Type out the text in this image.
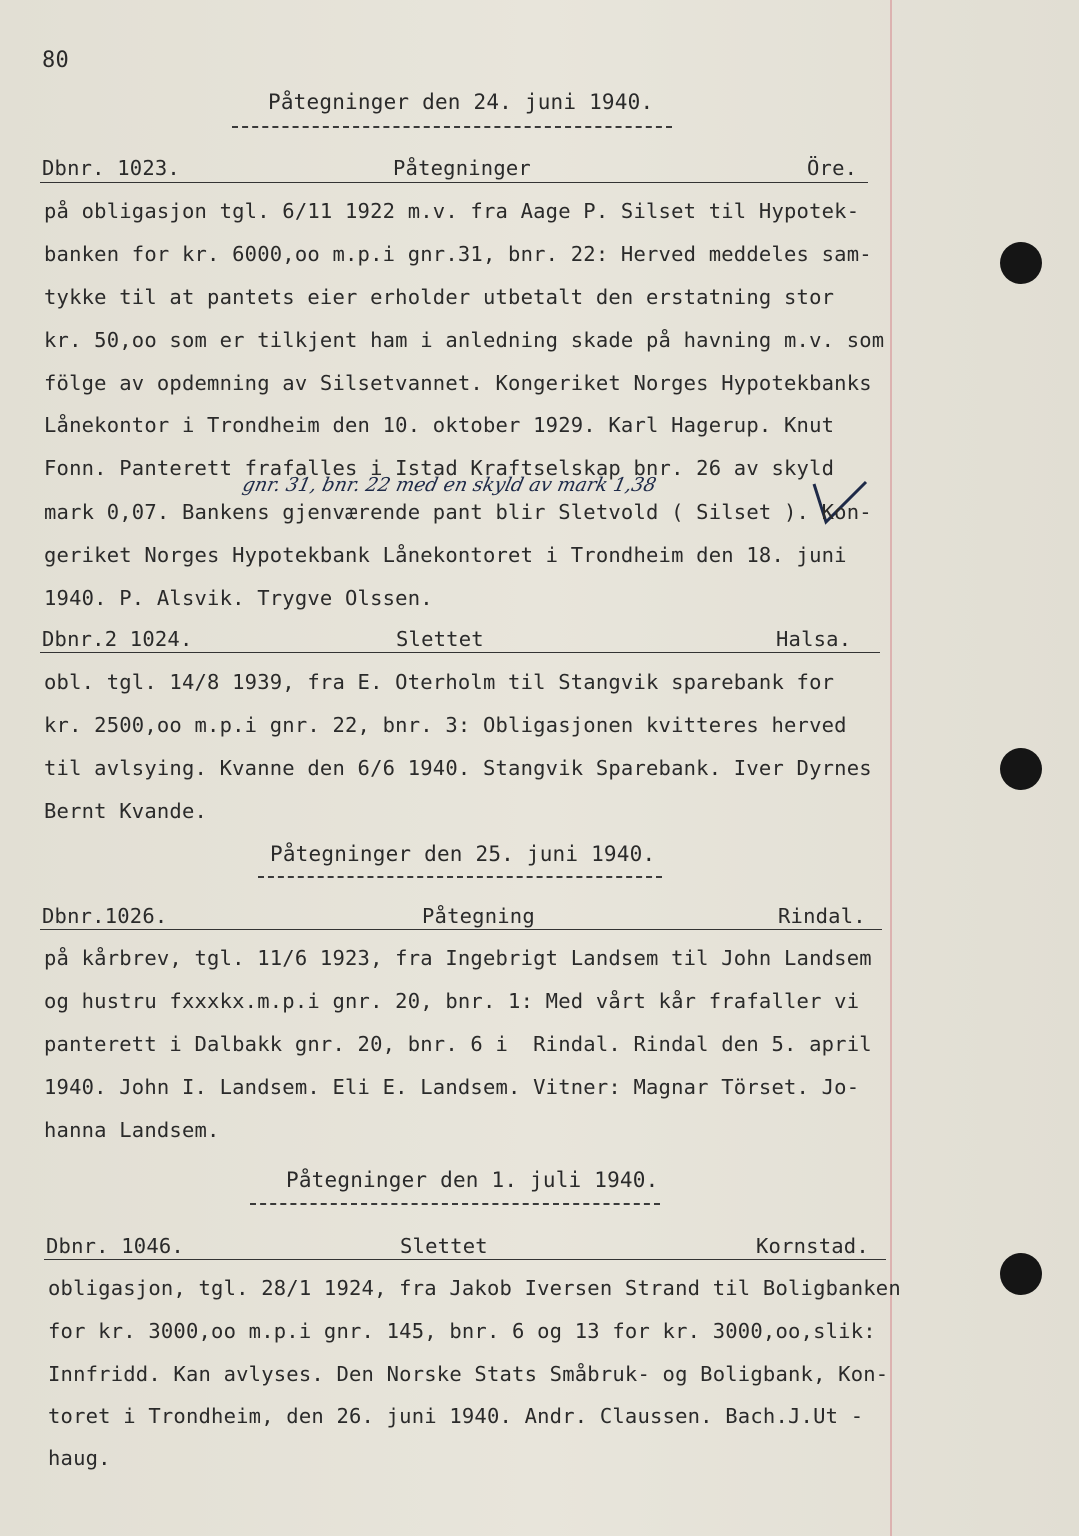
80
Påtegninger den 24. juni 1940.
Dbnr. 1023.	Påtegninger	Öre.
på obligasjon tgl. 6/11 1922 m.v. fra Aage P. Silset til Hypotek-
banken for kr. 6000,oo m.p.i gnr.31, bnr. 22: Herved meddeles sam-
tykke til at pantets eier erholder utbetalt den erstatning stor
kr. 50,oo som er tilkjent ham i anledning skade på havning m.v. som
fölge av opdemning av Silsetvannet. Kongeriket Norges Hypotekbanks
Lånekontor i Trondheim den 10. oktober 1929. Karl Hagerup. Knut
Fonn. Panterett frafalles i Istad Kraftselskap bnr. 26 av skyld
gnr. 31, bnr. 22 med en skyld av mark 1,38
mark 0,07. Bankens gjenværende pant blir Sletvold ( Silset ). Kon-
geriket Norges Hypotekbank Lånekontoret i Trondheim den 18. juni
1940. P. Alsvik. Trygve Olssen.
Dbnr.2 1024.	Slettet	Halsa.
obl. tgl. 14/8 1939, fra E. Oterholm til Stangvik sparebank for
kr. 2500,oo m.p.i gnr. 22, bnr. 3: Obligasjonen kvitteres herved
til avlsying. Kvanne den 6/6 1940. Stangvik Sparebank. Iver Dyrnes
Bernt Kvande.
Påtegninger den 25. juni 1940.
Dbnr.1026.	Påtegning	Rindal.
på kårbrev, tgl. 11/6 1923, fra Ingebrigt Landsem til John Landsem
og hustru fxxxkx.m.p.i gnr. 20, bnr. 1: Med vårt kår frafaller vi
panterett i Dalbakk gnr. 20, bnr. 6 i  Rindal. Rindal den 5. april
1940. John I. Landsem. Eli E. Landsem. Vitner: Magnar Törset. Jo-
hanna Landsem.
Påtegninger den 1. juli 1940.
Dbnr. 1046.	Slettet	Kornstad.
obligasjon, tgl. 28/1 1924, fra Jakob Iversen Strand til Boligbanken
for kr. 3000,oo m.p.i gnr. 145, bnr. 6 og 13 for kr. 3000,oo,slik:
Innfridd. Kan avlyses. Den Norske Stats Småbruk- og Boligbank, Kon-
toret i Trondheim, den 26. juni 1940. Andr. Claussen. Bach.J.Ut -
haug.
